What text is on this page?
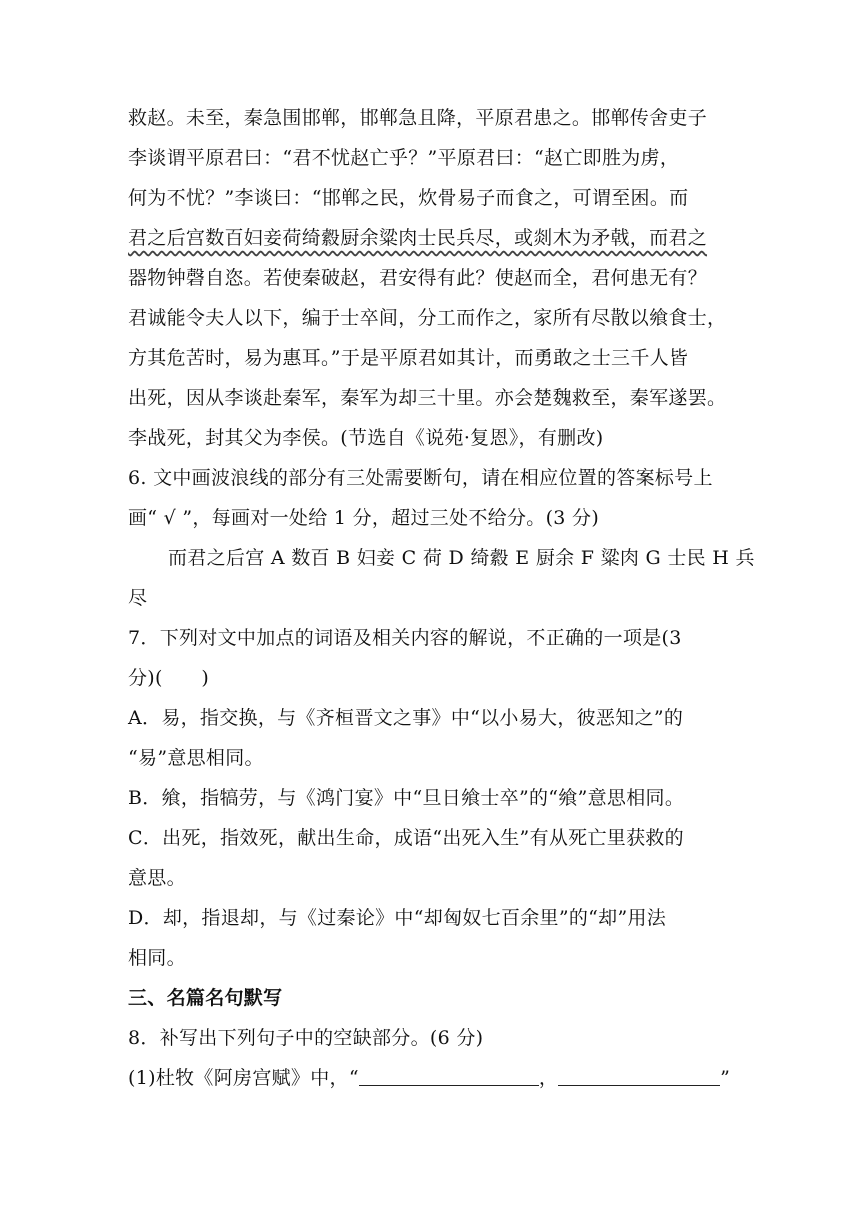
救赵。未至，秦急围邯郸，邯郸急且降，平原君患之。邯郸传舍吏子
李谈谓平原君曰：“君不忧赵亡乎？”平原君曰：“赵亡即胜为虏，
何为不忧？”李谈曰：“邯郸之民，炊骨易子而食之，可谓至困。而
君之后宫数百妇妾荷绮縠厨余粱肉士民兵尽，或剡木为矛戟，而君之
器物钟磬自恣。若使秦破赵，君安得有此？使赵而全，君何患无有？
君诚能令夫人以下，编于士卒间，分工而作之，家所有尽散以飨食士，
方其危苦时，易为惠耳。”于是平原君如其计，而勇敢之士三千人皆
出死，因从李谈赴秦军，秦军为却三十里。亦会楚魏救至，秦军遂罢。
李战死，封其父为李侯。(节选自《说苑·复恩》，有删改)
6. 文中画波浪线的部分有三处需要断句，请在相应位置的答案标号上
画“ √ ”，每画对一处给 1 分，超过三处不给分。(3 分)
而君之后宫 A 数百 B 妇妾 C 荷 D 绮縠 E 厨余 F 粱肉 G 士民 H 兵
尽
7．下列对文中加点的词语及相关内容的解说，不正确的一项是(3
分)(　　)
A．易，指交换，与《齐桓晋文之事》中“以小易大，彼恶知之”的
“易”意思相同。
B．飨，指犒劳，与《鸿门宴》中“旦日飨士卒”的“飨”意思相同。
C．出死，指效死，献出生命，成语“出死入生”有从死亡里获救的
意思。
D．却，指退却，与《过秦论》中“却匈奴七百余里”的“却”用法
相同。
三、名篇名句默写
8．补写出下列句子中的空缺部分。(6 分)
(1)杜牧《阿房宫赋》中，“	，	”
